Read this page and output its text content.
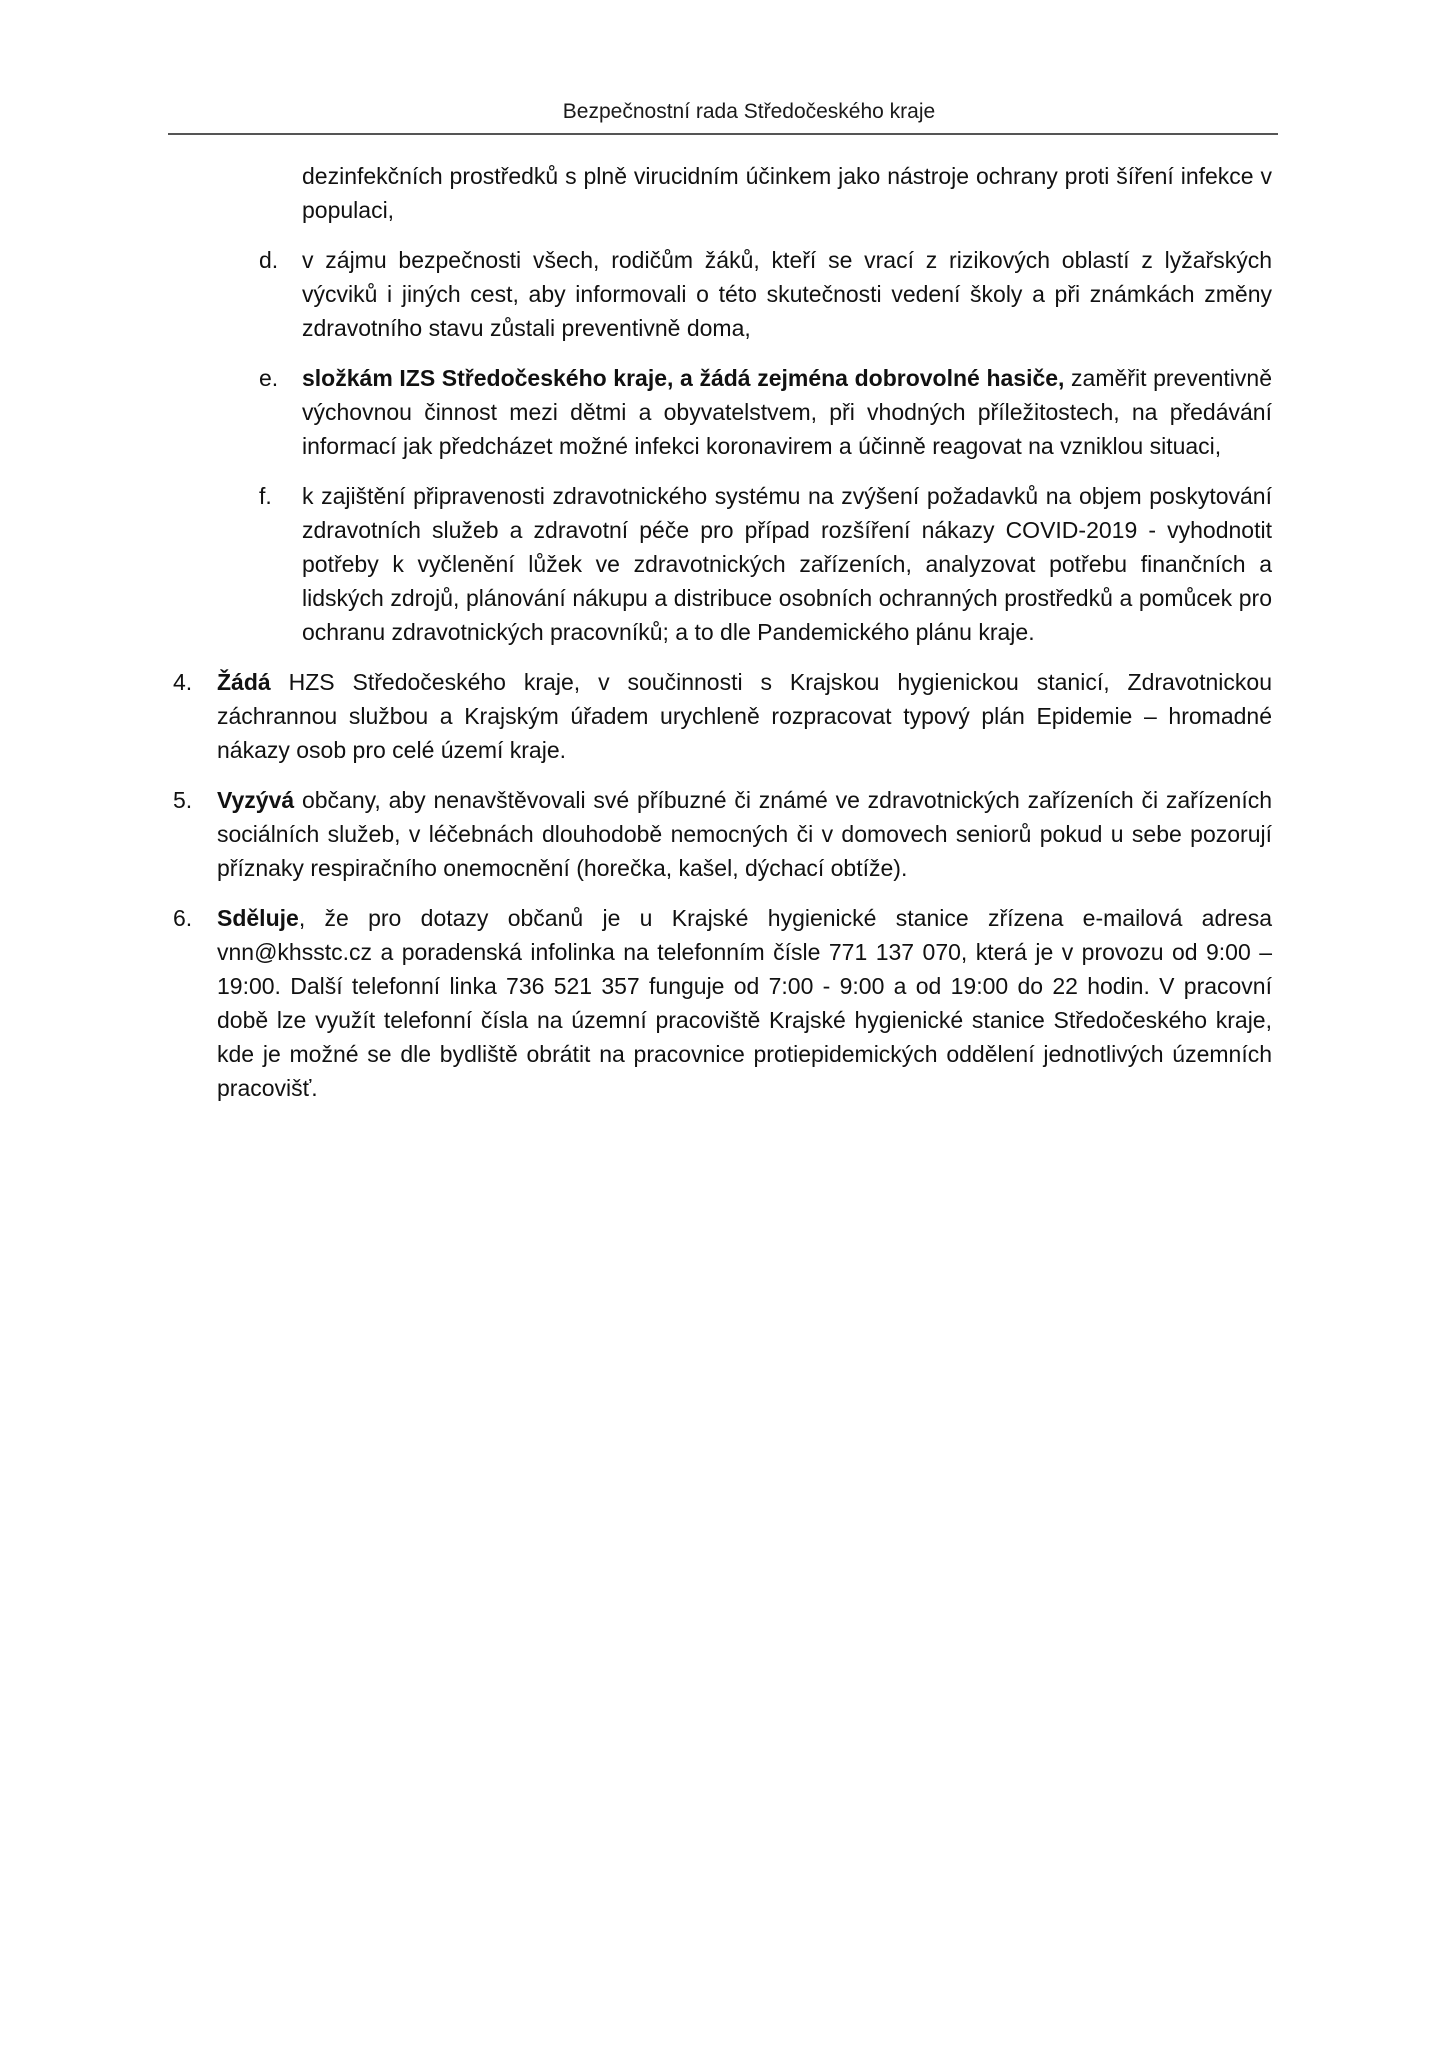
Bezpečnostní rada Středočeského kraje

dezinfekčních prostředků s plně virucidním účinkem jako nástroje ochrany proti šíření infekce v populaci,

d. v zájmu bezpečnosti všech, rodičům žáků, kteří se vrací z rizikových oblastí z lyžařských výcviků i jiných cest, aby informovali o této skutečnosti vedení školy a při známkách změny zdravotního stavu zůstali preventivně doma,
e. složkám IZS Středočeského kraje, a žádá zejména dobrovolné hasiče, zaměřit preventivně výchovnou činnost mezi dětmi a obyvatelstvem, při vhodných příležitostech, na předávání informací jak předcházet možné infekci koronavirem a účinně reagovat na vzniklou situaci,
f. k zajištění připravenosti zdravotnického systému na zvýšení požadavků na objem poskytování zdravotních služeb a zdravotní péče pro případ rozšíření nákazy COVID-2019 - vyhodnotit potřeby k vyčlenění lůžek ve zdravotnických zařízeních, analyzovat potřebu finančních a lidských zdrojů, plánování nákupu a distribuce osobních ochranných prostředků a pomůcek pro ochranu zdravotnických pracovníků; a to dle Pandemického plánu kraje.
4. Žádá HZS Středočeského kraje, v součinnosti s Krajskou hygienickou stanicí, Zdravotnickou záchrannou službou a Krajským úřadem urychleně rozpracovat typový plán Epidemie – hromadné nákazy osob pro celé území kraje.
5. Vyzývá občany, aby nenavštěvovali své příbuzné či známé ve zdravotnických zařízeních či zařízeních sociálních služeb, v léčebnách dlouhodobě nemocných či v domovech seniorů pokud u sebe pozorují příznaky respiračního onemocnění (horečka, kašel, dýchací obtíže).
6. Sděluje, že pro dotazy občanů je u Krajské hygienické stanice zřízena e-mailová adresa vnn@khsstc.cz a poradenská infolinka na telefonním čísle 771 137 070, která je v provozu od 9:00 – 19:00. Další telefonní linka 736 521 357 funguje od 7:00 - 9:00 a od 19:00 do 22 hodin. V pracovní době lze využít telefonní čísla na územní pracoviště Krajské hygienické stanice Středočeského kraje, kde je možné se dle bydliště obrátit na pracovnice protiepidemických oddělení jednotlivých územních pracovišť.
